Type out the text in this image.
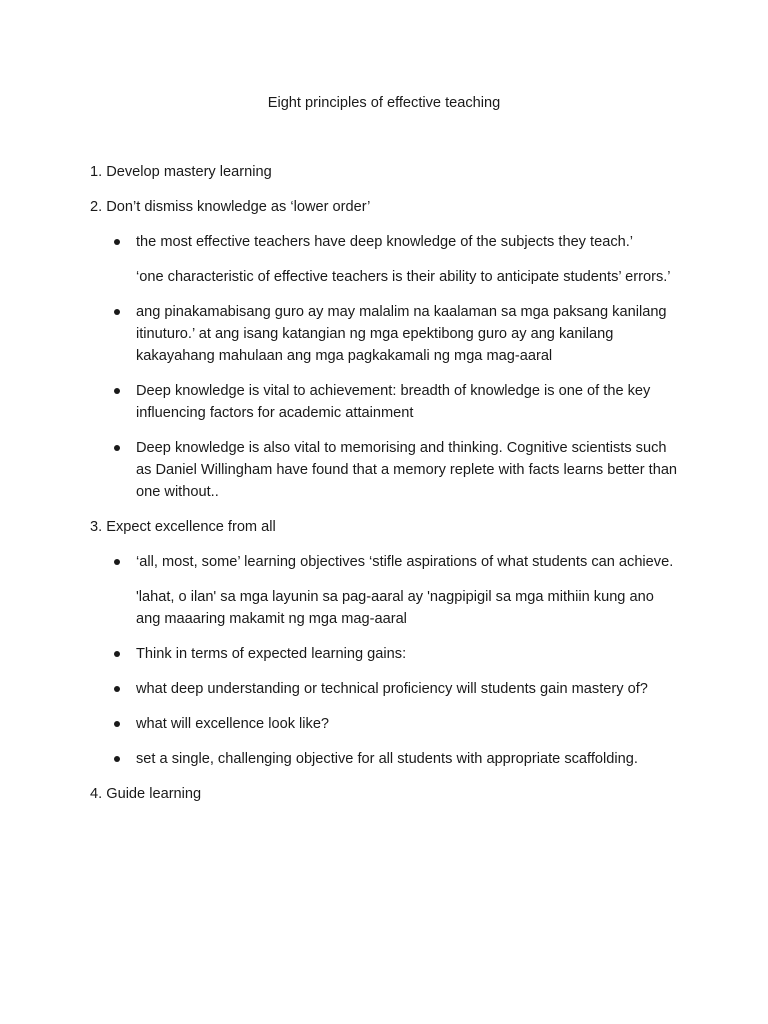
Eight principles of effective teaching

1. Develop mastery learning

2. Don’t dismiss knowledge as ‘lower order’

the most effective teachers have deep knowledge of the subjects they teach.’

‘one characteristic of effective teachers is their ability to anticipate students’ errors.’

ang pinakamabisang guro ay may malalim na kaalaman sa mga paksang kanilang itinuturo.’ at ang isang katangian ng mga epektibong guro ay ang kanilang kakayahang mahulaan ang mga pagkakamali ng mga mag-aaral

Deep knowledge is vital to achievement: breadth of knowledge is one of the key influencing factors for academic attainment

Deep knowledge is also vital to memorising and thinking. Cognitive scientists such as Daniel Willingham have found that a memory replete with facts learns better than one without..

3. Expect excellence from all

‘all, most, some’ learning objectives ‘stifle aspirations of what students can achieve.

'lahat, o ilan' sa mga layunin sa pag-aaral ay 'nagpipigil sa mga mithiin kung ano ang maaaring makamit ng mga mag-aaral

Think in terms of expected learning gains:

what deep understanding or technical proficiency will students gain mastery of?

what will excellence look like?

set a single, challenging objective for all students with appropriate scaffolding.

4. Guide learning
